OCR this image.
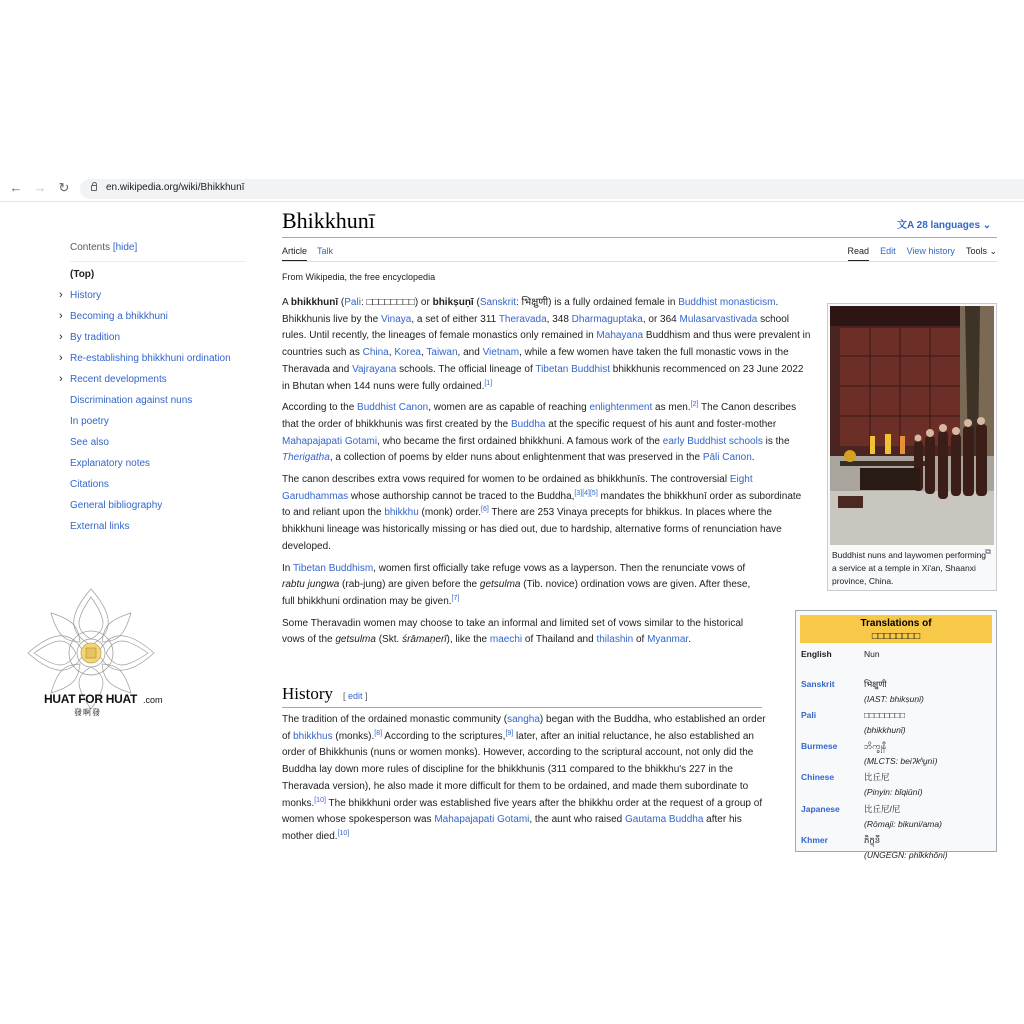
← → ↻	en.wikipedia.org/wiki/Bhikkhunī
Contents [hide]
(Top)
› History
› Becoming a bhikkhuni
› By tradition
› Re-establishing bhikkhuni ordination
› Recent developments
Discrimination against nuns
In poetry
See also
Explanatory notes
Citations
General bibliography
External links
HUAT FOR HUAT .com
發啊發
Bhikkhunī	文A 28 languages ⌄
Article Talk	Read Edit View history Tools ⌄
From Wikipedia, the free encyclopedia

A bhikkhunī (Pali: □□□□□□□□) or bhikṣuṇī (Sanskrit: भिक्षुणी) is a fully ordained female in Buddhist monasticism. Bhikkhunis live by the Vinaya, a set of either 311 Theravada, 348 Dharmaguptaka, or 364 Mulasarvastivada school rules. Until recently, the lineages of female monastics only remained in Mahayana Buddhism and thus were prevalent in countries such as China, Korea, Taiwan, and Vietnam, while a few women have taken the full monastic vows in the Theravada and Vajrayana schools. The official lineage of Tibetan Buddhist bhikkhunis recommenced on 23 June 2022 in Bhutan when 144 nuns were fully ordained.[1]

According to the Buddhist Canon, women are as capable of reaching enlightenment as men.[2] The Canon describes that the order of bhikkhunis was first created by the Buddha at the specific request of his aunt and foster-mother Mahapajapati Gotami, who became the first ordained bhikkhuni. A famous work of the early Buddhist schools is the Therigatha, a collection of poems by elder nuns about enlightenment that was preserved in the Pāli Canon.

The canon describes extra vows required for women to be ordained as bhikkhunīs. The controversial Eight Garudhammas whose authorship cannot be traced to the Buddha,[3][4][5] mandates the bhikkhunī order as subordinate to and reliant upon the bhikkhu (monk) order.[6] There are 253 Vinaya precepts for bhikkus. In places where the bhikkhuni lineage was historically missing or has died out, due to hardship, alternative forms of renunciation have developed.

In Tibetan Buddhism, women first officially take refuge vows as a layperson. Then the renunciate vows of rabtu jungwa (rab-jung) are given before the getsulma (Tib. novice) ordination vows are given. After these, full bhikkhuni ordination may be given.[7]

Some Theravadin women may choose to take an informal and limited set of vows similar to the historical vows of the getsulma (Skt. śrāmaṇerī), like the maechi of Thailand and thilashin of Myanmar.

History [ edit ]
The tradition of the ordained monastic community (sangha) began with the Buddha, who established an order of bhikkhus (monks).[8] According to the scriptures,[9] later, after an initial reluctance, he also established an order of Bhikkhunis (nuns or women monks). However, according to the scriptural account, not only did the Buddha lay down more rules of discipline for the bhikkhunis (311 compared to the bhikkhu's 227 in the Theravada version), he also made it more difficult for them to be ordained, and made them subordinate to monks.[10] The bhikkhuni order was established five years after the bhikkhu order at the request of a group of women whose spokesperson was Mahapajapati Gotami, the aunt who raised Gautama Buddha after his mother died.[10]
⧉
Buddhist nuns and laywomen performing a service at a temple in Xi'an, Shaanxi province, China.
Translations of
□□□□□□□□
English	Nun
Sanskrit	भिक्षुणी
(IAST: bhikṣuṇī)
Pali	□□□□□□□□
(bhikkhunī)
Burmese	ဘိက္ခုနီ
(MLCTS: beiʔkʰṵnì)
Chinese	比丘尼
(Pinyin: bǐqiūní)
Japanese	比丘尼/尼
(Rōmaji: bikuni/ama)
Khmer	ភិក្ខុនី
(UNGEGN: phĭkkhŏni)
